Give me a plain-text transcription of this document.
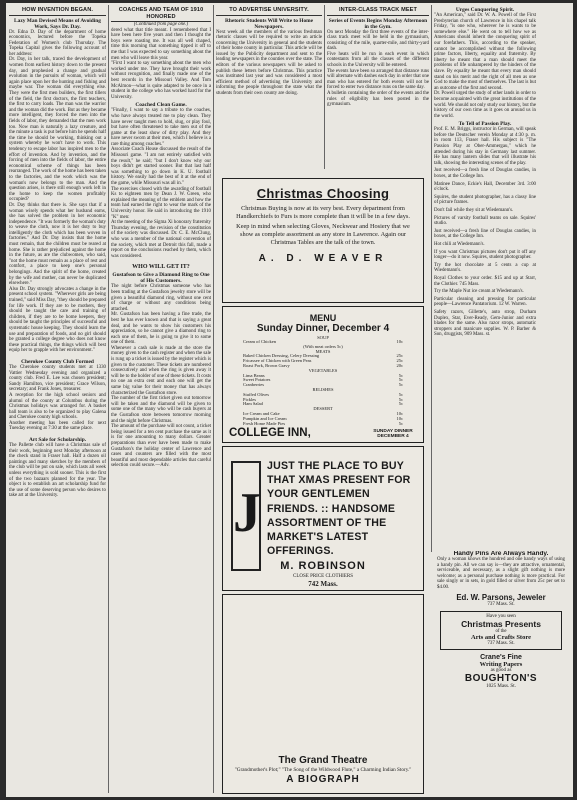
HOW INVENTION BEGAN.
Lazy Man Devised Means of Avoiding Work, Says Dr. Day.
Dr. Edna D. Day of the department of home economics, lectured before the Topeka Federation of Women's club Thursday. The Topeka Capital gives the following account of her address:
Dr. Day, in her talk, traced the development of women from earliest history down to the present day, and prophesied a change and gradual evolution in the pursuits of woman, which will again place upon her the hunting and fishing and maybe war. The woman did everything else. They were the first men builders, the first tillers of the field, the first doctors, the first teachers, the first to carry loads. The man was the warrior and the woman did the work. But as they became more intelligent, they forced the men into the fields of labor, they demanded that the men work too. Now man is naturally a lazy creature, and the minute a task is put before him he spends half the time he should be working, thinking out a system whereby he won't have to work. This tendency to escape labor has inspired men to the effort of invention. And by invention, and the forcing of men into the fields of labor, the entire economical scheme of things has been rearranged. The work of the home has been taken to the factories, and the work which was the woman's now belongs to the man. And the question arises, is there still enough work left in the home to keep the women profitably occupied?
Dr. Day thinks that there is. She says that if a woman wisely spends what her husband earns, she has solved the problem in her economic independence. "It was formerly the woman's duty to weave the cloth, now it is her duty to buy intelligently the cloth which has been woven in factories." And Dr. Day insists that the home must remain, that the children must be reared at home. She is rather prejudiced against the home in the future, as are the clubwomen, who said, "not the home must remain as a place of rest and comfort, a place to keep one's personal belongings. And the spirit of the home, created by the wife and mother, can never be duplicated elsewhere."
Also Dr. Day strongly advocates a change in the present school system. "Wherever girls are being trained," said Miss Day, "they should be prepared for life work. If they are to be mothers, they should be taught the care and training of children, if they are to be home keepers, they should be taught the principles of successful and systematic house keeping. They should learn the use and preparation of foods, and no girl should be granted a college degree who does not know these practical things, the things which will best equip her to grapple with her environment."
Cherokee County Club Formed
The Cherokee county students met at 1330 Vattier Wednesday evening and organized a county club. Fred E. Lee was chosen president; Sandy Hamilton, vice president; Grace Wilson, secretary; and Frank Jones, treasurer.
A reception for the high school seniors and alumni of the county at Columbus during the Christmas holidays was arranged for. A basket ball team is also to be organized to play Galena and Cherokee county high schools.
Another meeting has been called for next Tuesday evening at 7:30 at the same place.
Art Sale for Scholarship.
The Pallette club will have a Christmas sale of their work, beginning next Monday afternoon at the check stand in Fraser hall. Half a dozen oil paintings and many sketches by the members of the club will be put on sale, which lasts all week unless everything is sold sooner. This is the first of the two bazaars planned for the year. The object is to establish an art scholarship fund for the use of some deserving person who desires to take art at the University.
COACHES AND TEAM OF 1910 HONORED
(Continued from page one.)
dered what that title meant. I remembered that I have been here five years and then I thought the boys were roasting me. It was all well chaped, time this morning that something tipped it off to me that I was expected to say something about the men who will leave this year.
"First I want to say something about the men who worked under me. They have brought their work without recognition, and finally made one of the best records in the Missouri Valley. And Tom McAlmon—what is quite adapted to be once in a student in the college who has worked hard for the University.
Coached Clean Game.
"Finally, I want to say a tribute to the coaches, who have always treated me to play clean. They have never taught men to hold, slug, or play foul, but have often threatened to take men out of the game at the least show of dirty play. And they have never sworn at their men, which I believe is a rare thing among coaches."
Associate Coach House discussed the result of the Missouri game. "I am not entirely satisfied with the result," he said; "but I don't know why our boys didn't get started sooner. But that last half was something to go down in K. U. football history. We easily had the best of it at the end of the game, while Missouri was all in."
The exercises closed with the awarding of football Ks to eighteen men by Dean J. W. Green, who explained the meaning of the emblem and how the team had earned the right to wear the mark of the University honor. He said in introducing the 1910 "K" men:
At the meeting of the Sigma Xi honorary fraternity Thursday evening, the revision of the constitution of the society was discussed. Dr. C. E. McClung, who was a member of the national convention of the society, which met at Detroit this fall, made a report on the conclusions reached by them, which was considered.
WHO WILL GET IT?
Gustafson to Give a Diamond Ring to One of His Customers.
The night before Christmas someone who has been trading at the Gustafson jewelry store will be given a beautiful diamond ring, without one cent of charge or without any conditions being attached.
Mr. Gustafson has been having a fine trade, the best he has ever known and that is saying a great deal, and he wants to show his customers his appreciation, so he cannot give a diamond ring to each one of them, he is going to give it to some one of them.
Whenever a cash sale is made at the store the money given to the cash register and when the sale is rung up a ticket is issued by the register which is given to the customer. These tickets are numbered consecutively and when the ring is given away it will be to the holder of one of these tickets. It costs no one an extra cent and each one will get the same big value for their money that has always characterized the Gustafson store.
The number of the first ticket given out tomorrow will be taken and the diamond will be given to some one of the many who will be cash buyers at the Gustafson store between tomorrow morning and the night before Christmas.
The amount of the purchase will not count, a ticket being issued for a ten cent purchase the same as it is for one amounting to many dollars. Greater preparations than ever have been made to make Gustafson's the holiday center of Lawrence and cases and counters are filled with the most beautiful and most dependable articles that careful selection could secure.—Adv.
TO ADVERTISE UNIVERSITY.
Rhetoric Students Will Write to Home Newspapers.
Next week all the members of the various freshman rhetoric classes will be required to write an article concerning the University in general and the students of their home county in particular. This article will be issued by the Publicity department and sent to the leading newspapers in the counties over the state. The editors of the various newspapers will be asked to publish these letters before Christmas. This practice was instituted last year and was considered a most efficient method of advertising the University and informing the people throughout the state what the students from their own county are doing.
INTER-CLASS TRACK MEET
Series of Events Begins Monday Afternoon in the Gym.
On next Monday the first three events of the inter-class track meet will be held in the gymnasium, consisting of the mile, quarter-mile, and thirty-yard dash.
Five heats will be run in each event in which contestants from all the classes of the different schools in the University will be entered.
The events have been so arranged that distance runs will alternate with dashes each day in order that one man who has entered for both events will not be forced to enter two distance runs on the same day.
A bulletin containing the order of the events and the rules of eligibility has been posted in the gymnasium.
Urges Conquering Spirit.
"An American," said Dr. W. A. Powell of the First Presbyterian church of Lawrence in his chapel talk Friday, "is one who, wherever he is wants to be somewhere else." He went on to tell how we as Americans should inherit the conquering spirit of our forefathers. This, according to the speaker, cannot be accomplished without the following prime factors, liberty, equality and fraternity. By liberty he meant that a man should meet the problems of life unhampered by the hinders of the slave. By equality he meant that every man should stand on his merit and the right of all men as one God to make the most of themselves. The last is but an outcome of the first and second.
Dr. Powell urged the study of other lands in order to become acquainted with the great institutions of the world. We should not only study our history, but the history of our own time as it goes on around us in the world.
To Tell of Passion Play.
Prof. E. M. Briggs, instructor in German, will speak before the Deutscher verein Monday at 4:30 p. m. in room 113, Fraser hall. His subject is "The Passion Play at Ober-Ammergau," which he attended during his stay in Germany last summer. He has many lantern slides that will illustrate his talk, showing the interesting scenes of the play.
Just received—a fresh line of Douglas candies, in boxes, at the College Inn.
Matinee Dance, Eckie's Hall, December 3rd. 3:00 o'clock.
Squires, the student photographer, has a classy line of picture frames.
Don't fail while they sit at Wiedemann's.
Pictures of varsity football teams on sale. Squires' studio.
Just received—a fresh line of Douglas candies, in boxes, at the College Inn.
Hot chili at Wiedemann's.
If you want Christmas pictures don't put it off any longer—do it now. Squires, student photographer.
Try the hot chocolate at 5 cents a cup at Wiedemann's.
Royal Clothes to your order. $15 and up at Starr, the Clothier. 745 Mass.
Try the Maple Nut ice cream at Wiedemann's.
Particular cleaning and pressing for particular people—Lawrence Pantatorium. 12 W. Warren.
Safety razors, Gillette's, auto strop, Durham Duplex, Star, Ever-Ready, Gem-Junior and extra blades for the same. Also razor strops, automatic stroppers and manicure supplies. W. P. Barber & Son, druggists, 909 Mass. st.
Christmas Choosing
Christmas Buying is now at its very best. Every department from Handkerchiefs to Furs is more complete than it will be in a few days.
Keep in mind when selecting Gloves, Neckwear and Hosiery that we show as complete assortment as any store in Lawrence. Again our Christmas Tables are the talk of the town.
A. D. WEAVER
MENU
Sunday Dinner, December 4
SOUP
Cream of Chicken	10c
(With meat orders 5c)
MEATS
Baked Chicken Dressing, Celery Dressing	25c
Fricassee of Chicken with Green Peas	25c
Roast Pork, Brown Gravy	20c
VEGETABLES
Lima Beans	5c
Sweet Potatoes	5c
Cranberries	5c
RELISHES
Stuffed Olives	5c
Pickles	5c
Ham Salad	5c
DESSERT
Ice Cream and Cake	10c
Pumpkin and Ice Cream	10c
Fresh Home Made Pies	5c
COLLEGE INN,	SUNDAY DINNER DECEMBER 4
J
JUST THE PLACE TO BUY THAT XMAS PRESENT FOR YOUR GENTLEMEN FRIENDS. :: HANDSOME ASSORTMENT OF THE MARKET'S LATEST OFFERINGS.
M. ROBINSON
CLOSE PRICE CLOTHIERS
742 Mass.
The Grand Theatre
"Grandmother's Plot;" "The Song of the Wildwood Flute," a Charming Indian Story."
A BIOGRAPH
Handy Pins Are Always Handy.
Only a woman knows the hundred and one handy ways of using a handy pin. All we can say is—they are attractive, ornamental, serviceable, and necessary, as a slight gift nothing is more welcome; as a personal purchase nothing is more practical. For sale singly or in sets, in gold filled or silver from 25c per set to $4.00.
Ed. W. Parsons, Jeweler
737 Mass. St.
Have you seen
Christmas Presents
of the
Arts and Crafts Store
737 Mass. St.
Crane's Fine
Writing Papers
as good as
BOUGHTON'S
1025 Mass. St.
